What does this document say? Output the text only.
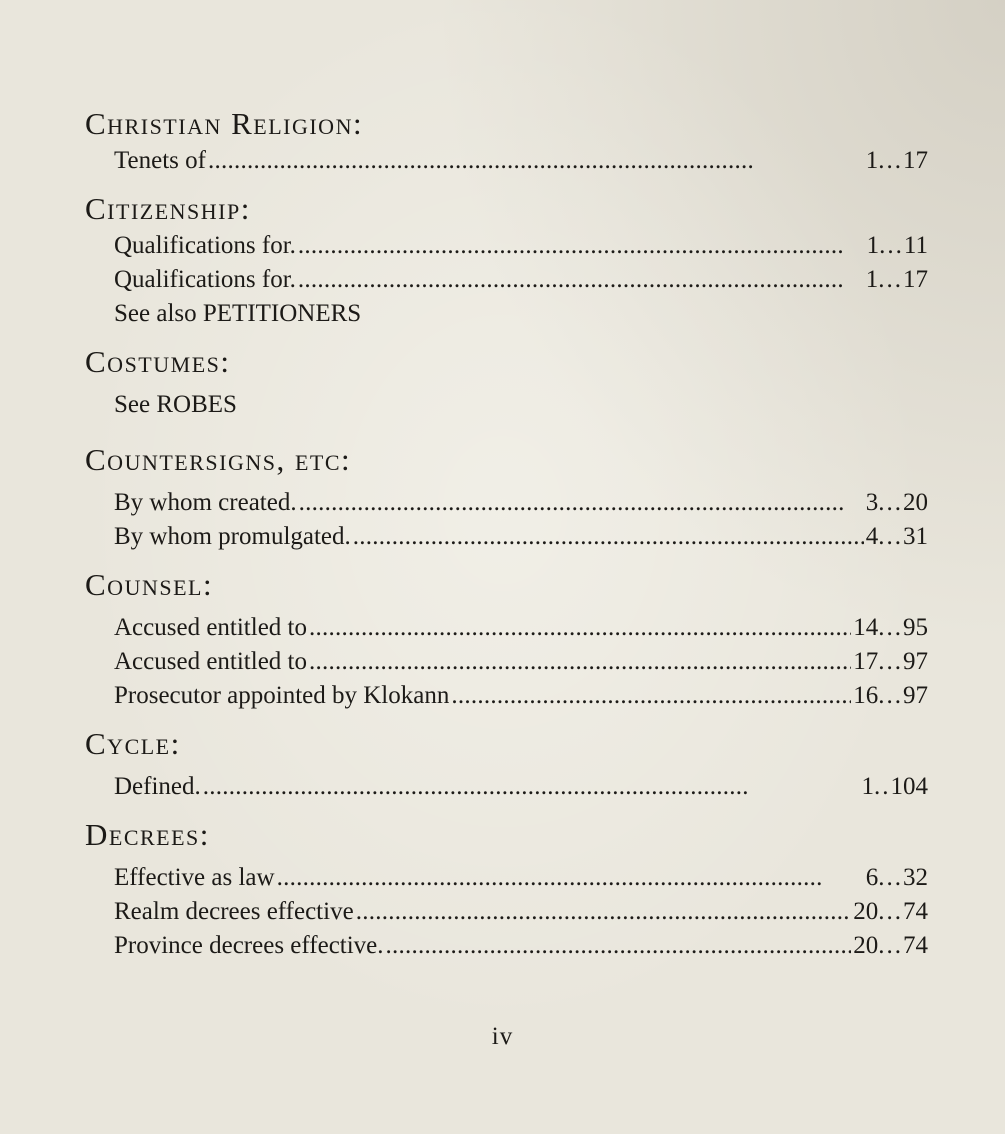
Christian Religion:

Tenets of . . .	1...17

Citizenship:

Qualifications for. . . .	1...11
Qualifications for. . . .	1...17
See also PETITIONERS

Costumes:

See ROBES

Countersigns, etc:

By whom created. . . .	3...20
By whom promulgated. . . .	4...31

Counsel:

Accused entitled to . . .	14...95
Accused entitled to . . .	17...97
Prosecutor appointed by Klokann . . .	16...97

Cycle:

Defined. . . .	1..104

Decrees:

Effective as law . . .	6...32
Realm decrees effective . . .	20...74
Province decrees effective. . . .	20...74
iv
